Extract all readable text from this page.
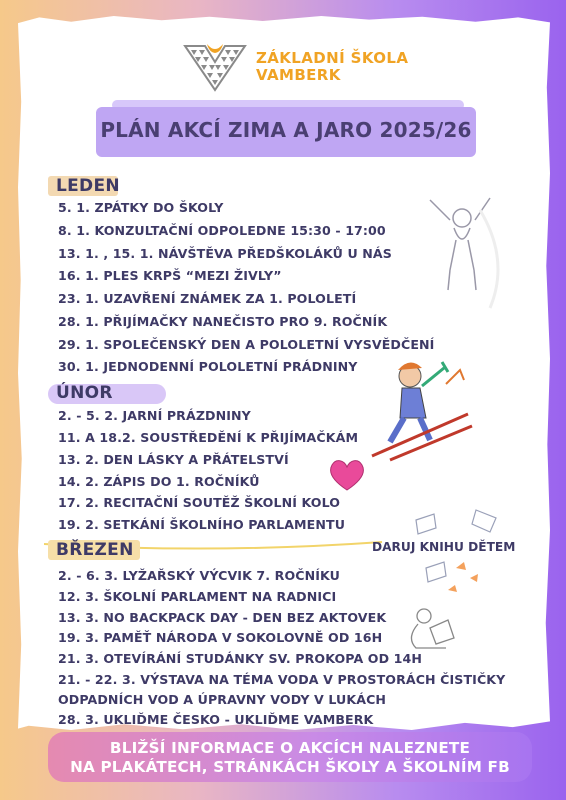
ZÁKLADNÍ ŠKOLA
VAMBERK
PLÁN AKCÍ ZIMA A JARO 2025/26
LEDEN
5. 1. ZPÁTKY DO ŠKOLY
8. 1. KONZULTAČNÍ ODPOLEDNE 15:30 - 17:00
13. 1. , 15. 1. NÁVŠTĚVA PŘEDŠKOLÁKŮ U NÁS
16. 1. PLES KRPŠ “MEZI ŽIVLY”
23. 1. UZAVŘENÍ ZNÁMEK ZA 1. POLOLETÍ
28. 1. PŘIJÍMAČKY NANEČISTO PRO 9. ROČNÍK
29. 1. SPOLEČENSKÝ DEN A POLOLETNÍ VYSVĚDČENÍ
30. 1. JEDNODENNÍ POLOLETNÍ PRÁDNINY
ÚNOR
2. - 5. 2. JARNÍ PRÁZDNINY
11. A 18.2. SOUSTŘEDĚNÍ K PŘIJÍMAČKÁM
13. 2. DEN LÁSKY A PŘÁTELSTVÍ
14. 2. ZÁPIS DO 1. ROČNÍKŮ
17. 2. RECITAČNÍ SOUTĚŽ ŠKOLNÍ KOLO
19. 2. SETKÁNÍ ŠKOLNÍHO PARLAMENTU
BŘEZEN	DARUJ KNIHU DĚTEM
2. - 6. 3. LYŽAŘSKÝ VÝCVIK 7. ROČNÍKU
12. 3. ŠKOLNÍ PARLAMENT NA RADNICI
13. 3. NO BACKPACK DAY - DEN BEZ AKTOVEK
19. 3. PAMĚŤ NÁRODA V SOKOLOVNĚ OD 16H
21. 3. OTEVÍRÁNÍ STUDÁNKY SV. PROKOPA OD 14H
21. - 22. 3. VÝSTAVA NA TÉMA VODA V PROSTORÁCH ČISTIČKY
ODPADNÍCH VOD A ÚPRAVNY VODY V LUKÁCH
28. 3. UKLIĎME ČESKO - UKLIĎME VAMBERK
BLIŽŠÍ INFORMACE O AKCÍCH NALEZNETE
NA PLAKÁTECH, STRÁNKÁCH ŠKOLY A ŠKOLNÍM FB
